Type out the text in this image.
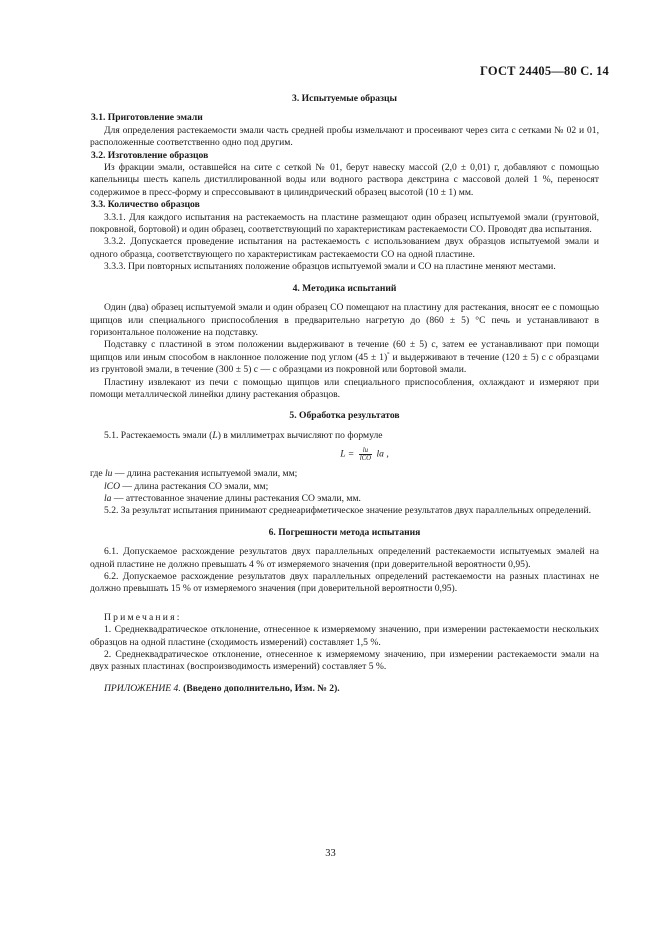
ГОСТ 24405—80 С. 14

3. Испытуемые образцы

3.1. Приготовление эмали

Для определения растекаемости эмали часть средней пробы измельчают и просеивают через сита с сетками № 02 и 01, расположенные соответственно одно под другим.

3.2. Изготовление образцов

Из фракции эмали, оставшейся на сите с сеткой № 01, берут навеску массой (2,0 ± 0,01) г, добавляют с помощью капельницы шесть капель дистиллированной воды или водного раствора декстрина с массовой долей 1 %, переносят содержимое в пресс-форму и спрессовывают в цилиндрический образец высотой (10 ± 1) мм.

3.3. Количество образцов

3.3.1. Для каждого испытания на растекаемость на пластине размещают один образец испытуемой эмали (грунтовой, покровной, бортовой) и один образец, соответствующий по характеристикам растекаемости СО. Проводят два испытания.

3.3.2. Допускается проведение испытания на растекаемость с использованием двух образцов испытуемой эмали и одного образца, соответствующего по характеристикам растекаемости СО на одной пластине.

3.3.3. При повторных испытаниях положение образцов испытуемой эмали и СО на пластине меняют местами.

4. Методика испытаний

Один (два) образец испытуемой эмали и один образец СО помещают на пластину для растекания, вносят ее с помощью щипцов или специального приспособления в предварительно нагретую до (860 ± 5) °С печь и устанавливают в горизонтальное положение на подставку.

Подставку с пластиной в этом положении выдерживают в течение (60 ± 5) с, затем ее устанавливают при помощи щипцов или иным способом в наклонное положение под углом (45 ± 1)° и выдерживают в течение (120 ± 5) с с образцами из грунтовой эмали, в течение (300 ± 5) с — с образцами из покровной или бортовой эмали.

Пластину извлекают из печи с помощью щипцов или специального приспособления, охлаждают и измеряют при помощи металлической линейки длину растекания образцов.

5. Обработка результатов

5.1. Растекаемость эмали (L) в миллиметрах вычисляют по формуле

$L = \frac{lи}{\text{lСО}}$ lа ,

где lи — длина растекания испытуемой эмали, мм;

lСО — длина растекания СО эмали, мм;

lа — аттестованное значение длины растекания СО эмали, мм.

5.2. За результат испытания принимают среднеарифметическое значение результатов двух параллельных определений.

6. Погрешности метода испытания

6.1. Допускаемое расхождение результатов двух параллельных определений растекаемости испытуемых эмалей на одной пластине не должно превышать 4 % от измеряемого значения (при доверительной вероятности 0,95).

6.2. Допускаемое расхождение результатов двух параллельных определений растекаемости на разных пластинах не должно превышать 15 % от измеряемого значения (при доверительной вероятности 0,95).

Примечания:

1. Среднеквадратическое отклонение, отнесенное к измеряемому значению, при измерении растекаемости нескольких образцов на одной пластине (сходимость измерений) составляет 1,5 %.

2. Среднеквадратическое отклонение, отнесенное к измеряемому значению, при измерении растекаемости эмали на двух разных пластинах (воспроизводимость измерений) составляет 5 %.

ПРИЛОЖЕНИЕ 4. (Введено дополнительно, Изм. № 2).

33
